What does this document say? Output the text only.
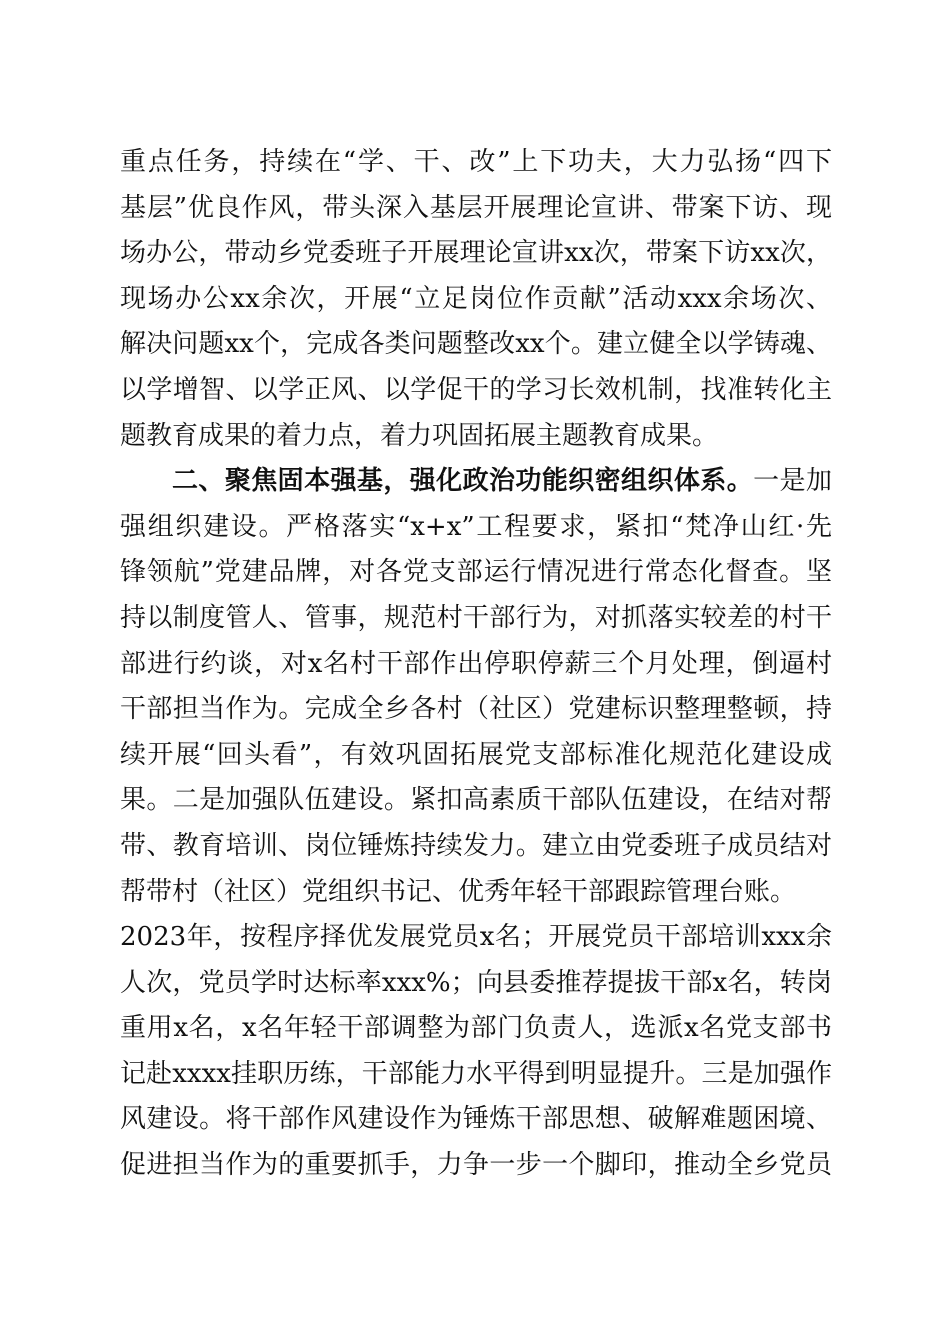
重点任务，持续在“学、干、改”上下功夫，大力弘扬“四下
基层”优良作风，带头深入基层开展理论宣讲、带案下访、现
场办公，带动乡党委班子开展理论宣讲xx次，带案下访xx次，
现场办公xx余次，开展“立足岗位作贡献”活动xxx余场次、
解决问题xx个，完成各类问题整改xx个。建立健全以学铸魂、
以学增智、以学正风、以学促干的学习长效机制，找准转化主
题教育成果的着力点，着力巩固拓展主题教育成果。
二、聚焦固本强基，强化政治功能织密组织体系。一是加
强组织建设。严格落实“x+x”工程要求，紧扣“梵净山红·先
锋领航”党建品牌，对各党支部运行情况进行常态化督查。坚
持以制度管人、管事，规范村干部行为，对抓落实较差的村干
部进行约谈，对x名村干部作出停职停薪三个月处理，倒逼村
干部担当作为。完成全乡各村（社区）党建标识整理整顿，持
续开展“回头看”，有效巩固拓展党支部标准化规范化建设成
果。二是加强队伍建设。紧扣高素质干部队伍建设，在结对帮
带、教育培训、岗位锤炼持续发力。建立由党委班子成员结对
帮带村（社区）党组织书记、优秀年轻干部跟踪管理台账。
2023年，按程序择优发展党员x名；开展党员干部培训xxx余
人次，党员学时达标率xxx%；向县委推荐提拔干部x名，转岗
重用x名，x名年轻干部调整为部门负责人，选派x名党支部书
记赴xxxx挂职历练，干部能力水平得到明显提升。三是加强作
风建设。将干部作风建设作为锤炼干部思想、破解难题困境、
促进担当作为的重要抓手，力争一步一个脚印，推动全乡党员
